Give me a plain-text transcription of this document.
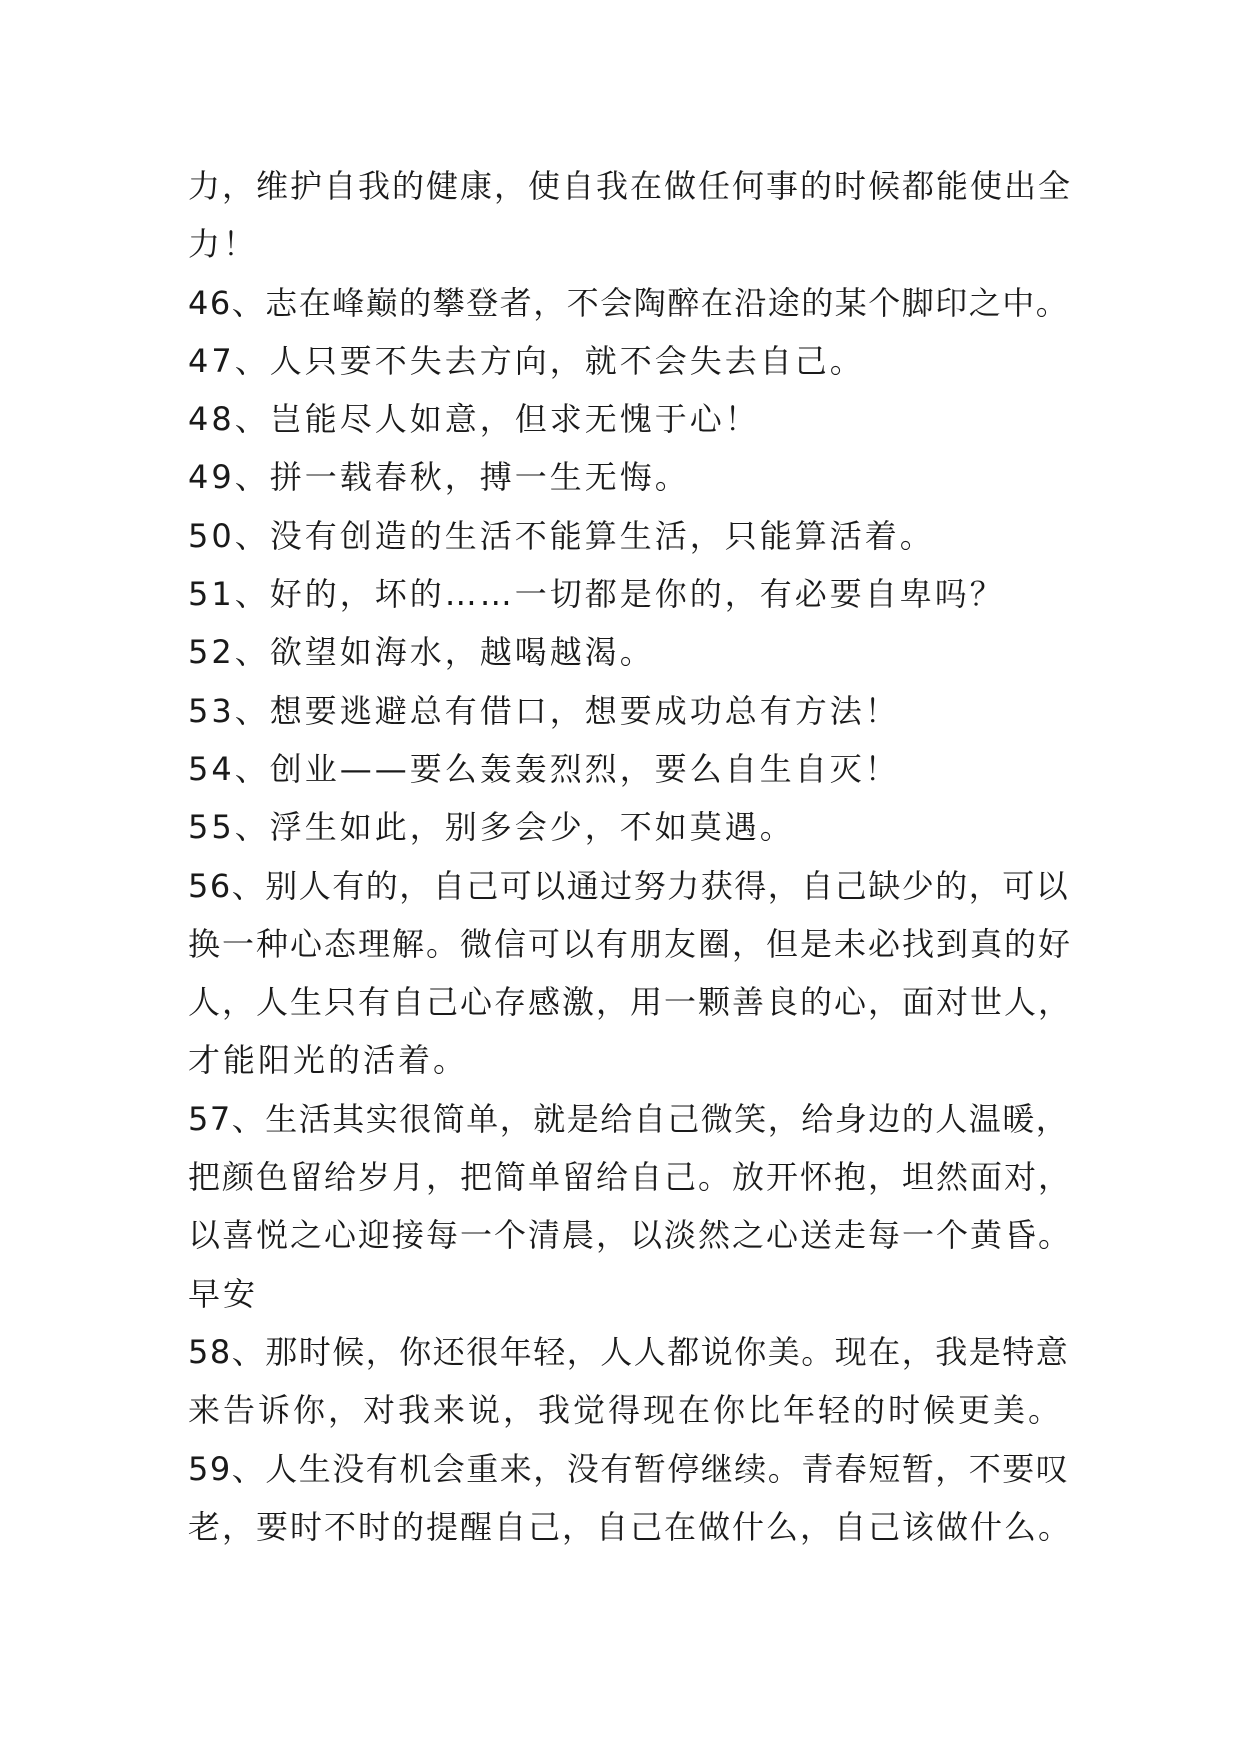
力，维护自我的健康，使自我在做任何事的时候都能使出全
力！
46、志在峰巅的攀登者，不会陶醉在沿途的某个脚印之中。
47、人只要不失去方向，就不会失去自己。
48、岂能尽人如意，但求无愧于心！
49、拼一载春秋，搏一生无悔。
50、没有创造的生活不能算生活，只能算活着。
51、好的，坏的……一切都是你的，有必要自卑吗？
52、欲望如海水，越喝越渴。
53、想要逃避总有借口，想要成功总有方法！
54、创业——要么轰轰烈烈，要么自生自灭！
55、浮生如此，别多会少，不如莫遇。
56、别人有的，自己可以通过努力获得，自己缺少的，可以
换一种心态理解。微信可以有朋友圈，但是未必找到真的好
人，人生只有自己心存感激，用一颗善良的心，面对世人，
才能阳光的活着。
57、生活其实很简单，就是给自己微笑，给身边的人温暖，
把颜色留给岁月，把简单留给自己。放开怀抱，坦然面对，
以喜悦之心迎接每一个清晨，以淡然之心送走每一个黄昏。
早安
58、那时候，你还很年轻，人人都说你美。现在，我是特意
来告诉你，对我来说，我觉得现在你比年轻的时候更美。
59、人生没有机会重来，没有暂停继续。青春短暂，不要叹
老，要时不时的提醒自己，自己在做什么，自己该做什么。
